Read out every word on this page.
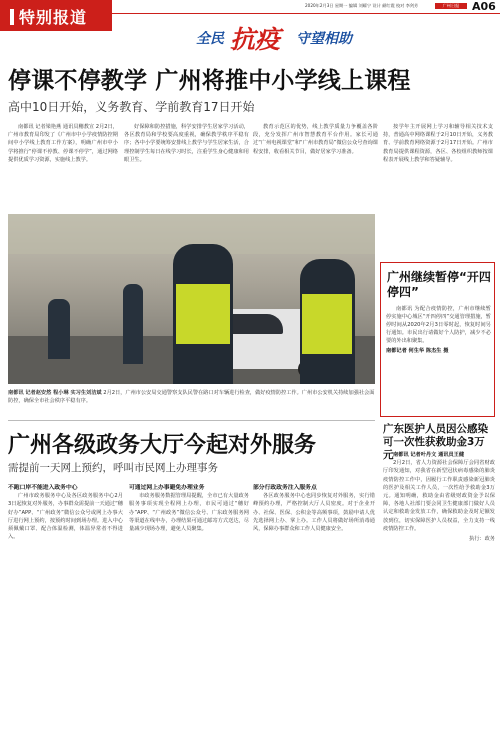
特别报道
2020年2月3日 星期一 编辑 刘耀宁 设计 颜红霞 校对 李剑芳	广州日报	A06
全民 抗疫 守望相助
停课不停教学 广州将推中小学线上课程
高中10日开始，义务教育、学前教育17日开始
南都讯 记者梁艳燕 通讯员穗教宣 2月2日，广州市教育局印发了《广州市中小学疫情防控期间中小学线上教育工作方案》，明确广州市中小学将推行“停课不停教、停课不停学”，通过网络提供优质学习资源，实施线上教学。
好保障和防控措施，科学安排学生居家学习活动，各区教育局和学校要高度重视，确保教学秩序平稳有序；各中小学要统筹安排线上教学与学生居家生活，合理控制学生每日在线学习时长，注重学生身心健康和用眼卫生。
教育示范区的优势，线上教学质量力争覆盖各阶段，充分发挥广州市智慧教育平台作用。家长可通过“广州电视课堂”和“广州市教育局”微信公众号查询课程安排，收看相关节目，做好居家学习准备。
按学年主开展网上学习和辅导相关技术支持，普通高中网络课程于2月10日开始，义务教育、学前教育网络资源于2月17日开始。广州市教育局提供课程资源，各区、各校组织教师按课程表开展线上教学和答疑辅导。
南都讯 记者赵安然 程小琳 实习生刘洁斌 2月2日，广州市公安局交通警察支队民警在路口对车辆进行检查，做好疫情防控工作。广州市公安机关持续加强社会面防控，确保全市社会秩序平稳有序。
广州继续暂停“开四停四”
南都讯 为配合疫情防控，广州市继续暂停实施中心城区“开四停四”交通管理措施，暂停时间从2020年2月3日零时起，恢复时间另行通知。市民出行请做好个人防护，减少不必要的外出和聚集。
南都记者 何生华 陈杰生 摄
广州各级政务大厅今起对外服务
需提前一天网上预约，呼叫市民网上办理事务
不跑口岸不能进入政务中心
广州市政务服务中心及各区政务服务中心2月3日起恢复对外服务，办事群众需提前一天通过“穗好办”APP、“广州政务”微信公众号或网上办事大厅进行网上预约，按预约时间到场办理。进入中心须佩戴口罩、配合体温检测，体温异常者不得进入。
可通过网上办事避免办理业务
市政务服务数据管理局提醒，全市已有大量政务服务事项实现全程网上办理，市民可通过“穗好办”APP、“广州政务”微信公众号、广东政务服务网等渠道在线申办，办理结果可通过邮寄方式送达，尽量减少现场办理，避免人员聚集。
部分行政政务注入服务点
各区政务服务中心也同步恢复对外服务，实行错峰预约办理，严格控制大厅人员密度。对于企业开办、社保、医保、公积金等高频事项，鼓励申请人优先选择网上办、掌上办。工作人员将做好场所消毒通风，保障办事群众和工作人员健康安全。
广东医护人员因公感染可一次性获救助金3万元 南都讯 记者叶丹文 通讯员王健
2月2日，省人力资源社会保障厅会同省财政厅印发通知，对我省在新型冠状病毒感染的肺炎疫情防控工作中，因履行工作职责感染新冠肺炎的医护及相关工作人员，一次性给予救助金3万元。通知明确，救助金由省级财政资金予以保障，各地人社部门要会同卫生健康部门做好人员认定和救助金发放工作，确保救助金及时足额发放到位，切实保障医护人员权益，全力支持一线疫情防控工作。
执行：政务
